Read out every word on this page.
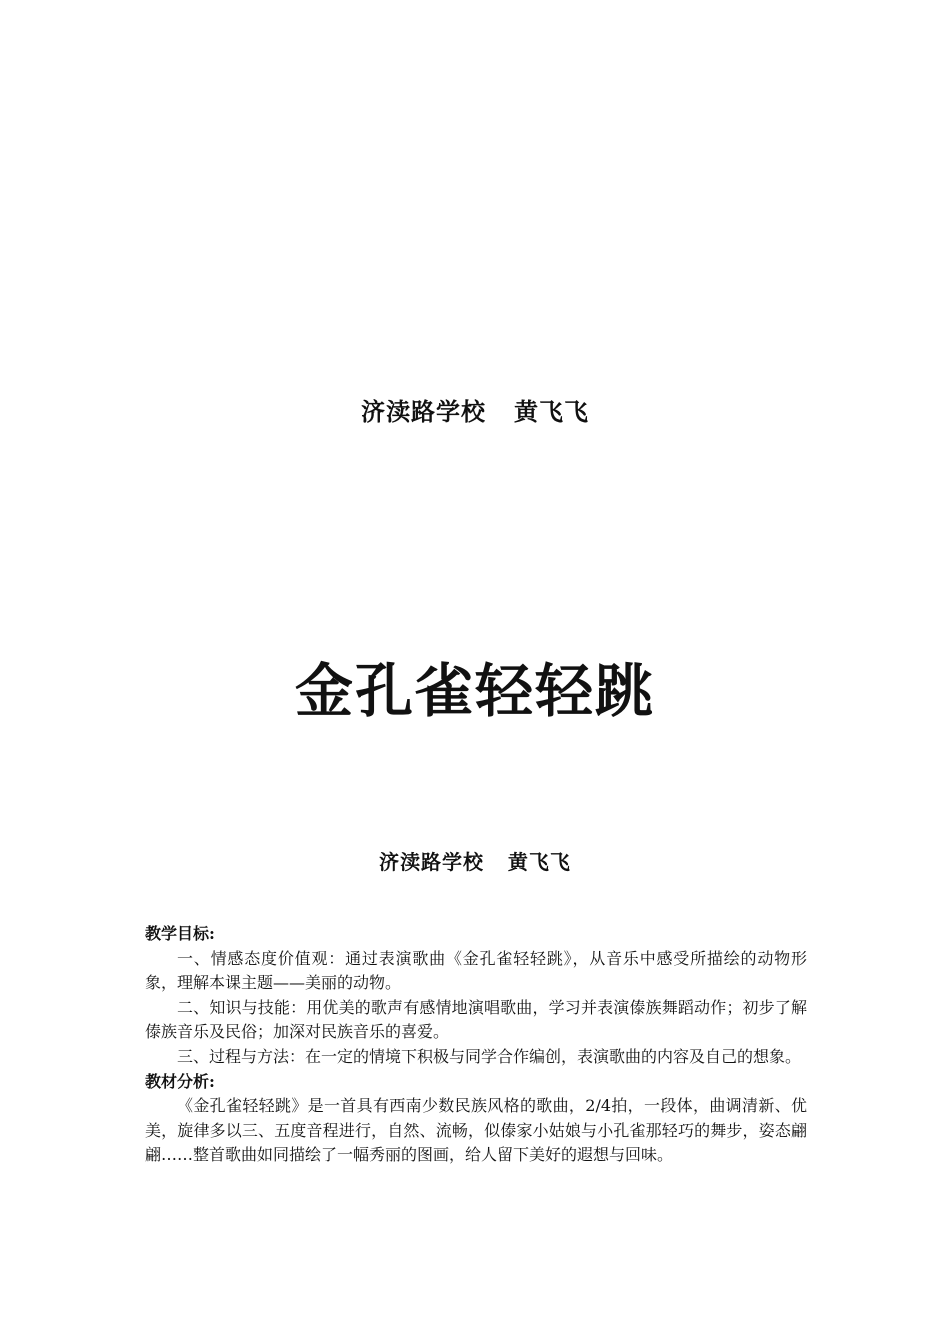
济渎路学校   黄飞飞
金孔雀轻轻跳
济渎路学校   黄飞飞
教学目标:
一、情感态度价值观：通过表演歌曲《金孔雀轻轻跳》，从音乐中感受所描绘的动物形象，理解本课主题——美丽的动物。
二、知识与技能：用优美的歌声有感情地演唱歌曲，学习并表演傣族舞蹈动作；初步了解傣族音乐及民俗；加深对民族音乐的喜爱。
三、过程与方法：在一定的情境下积极与同学合作编创，表演歌曲的内容及自己的想象。
教材分析:
《金孔雀轻轻跳》是一首具有西南少数民族风格的歌曲，2/4拍，一段体，曲调清新、优美，旋律多以三、五度音程进行，自然、流畅，似傣家小姑娘与小孔雀那轻巧的舞步，姿态翩翩……整首歌曲如同描绘了一幅秀丽的图画，给人留下美好的遐想与回味。
